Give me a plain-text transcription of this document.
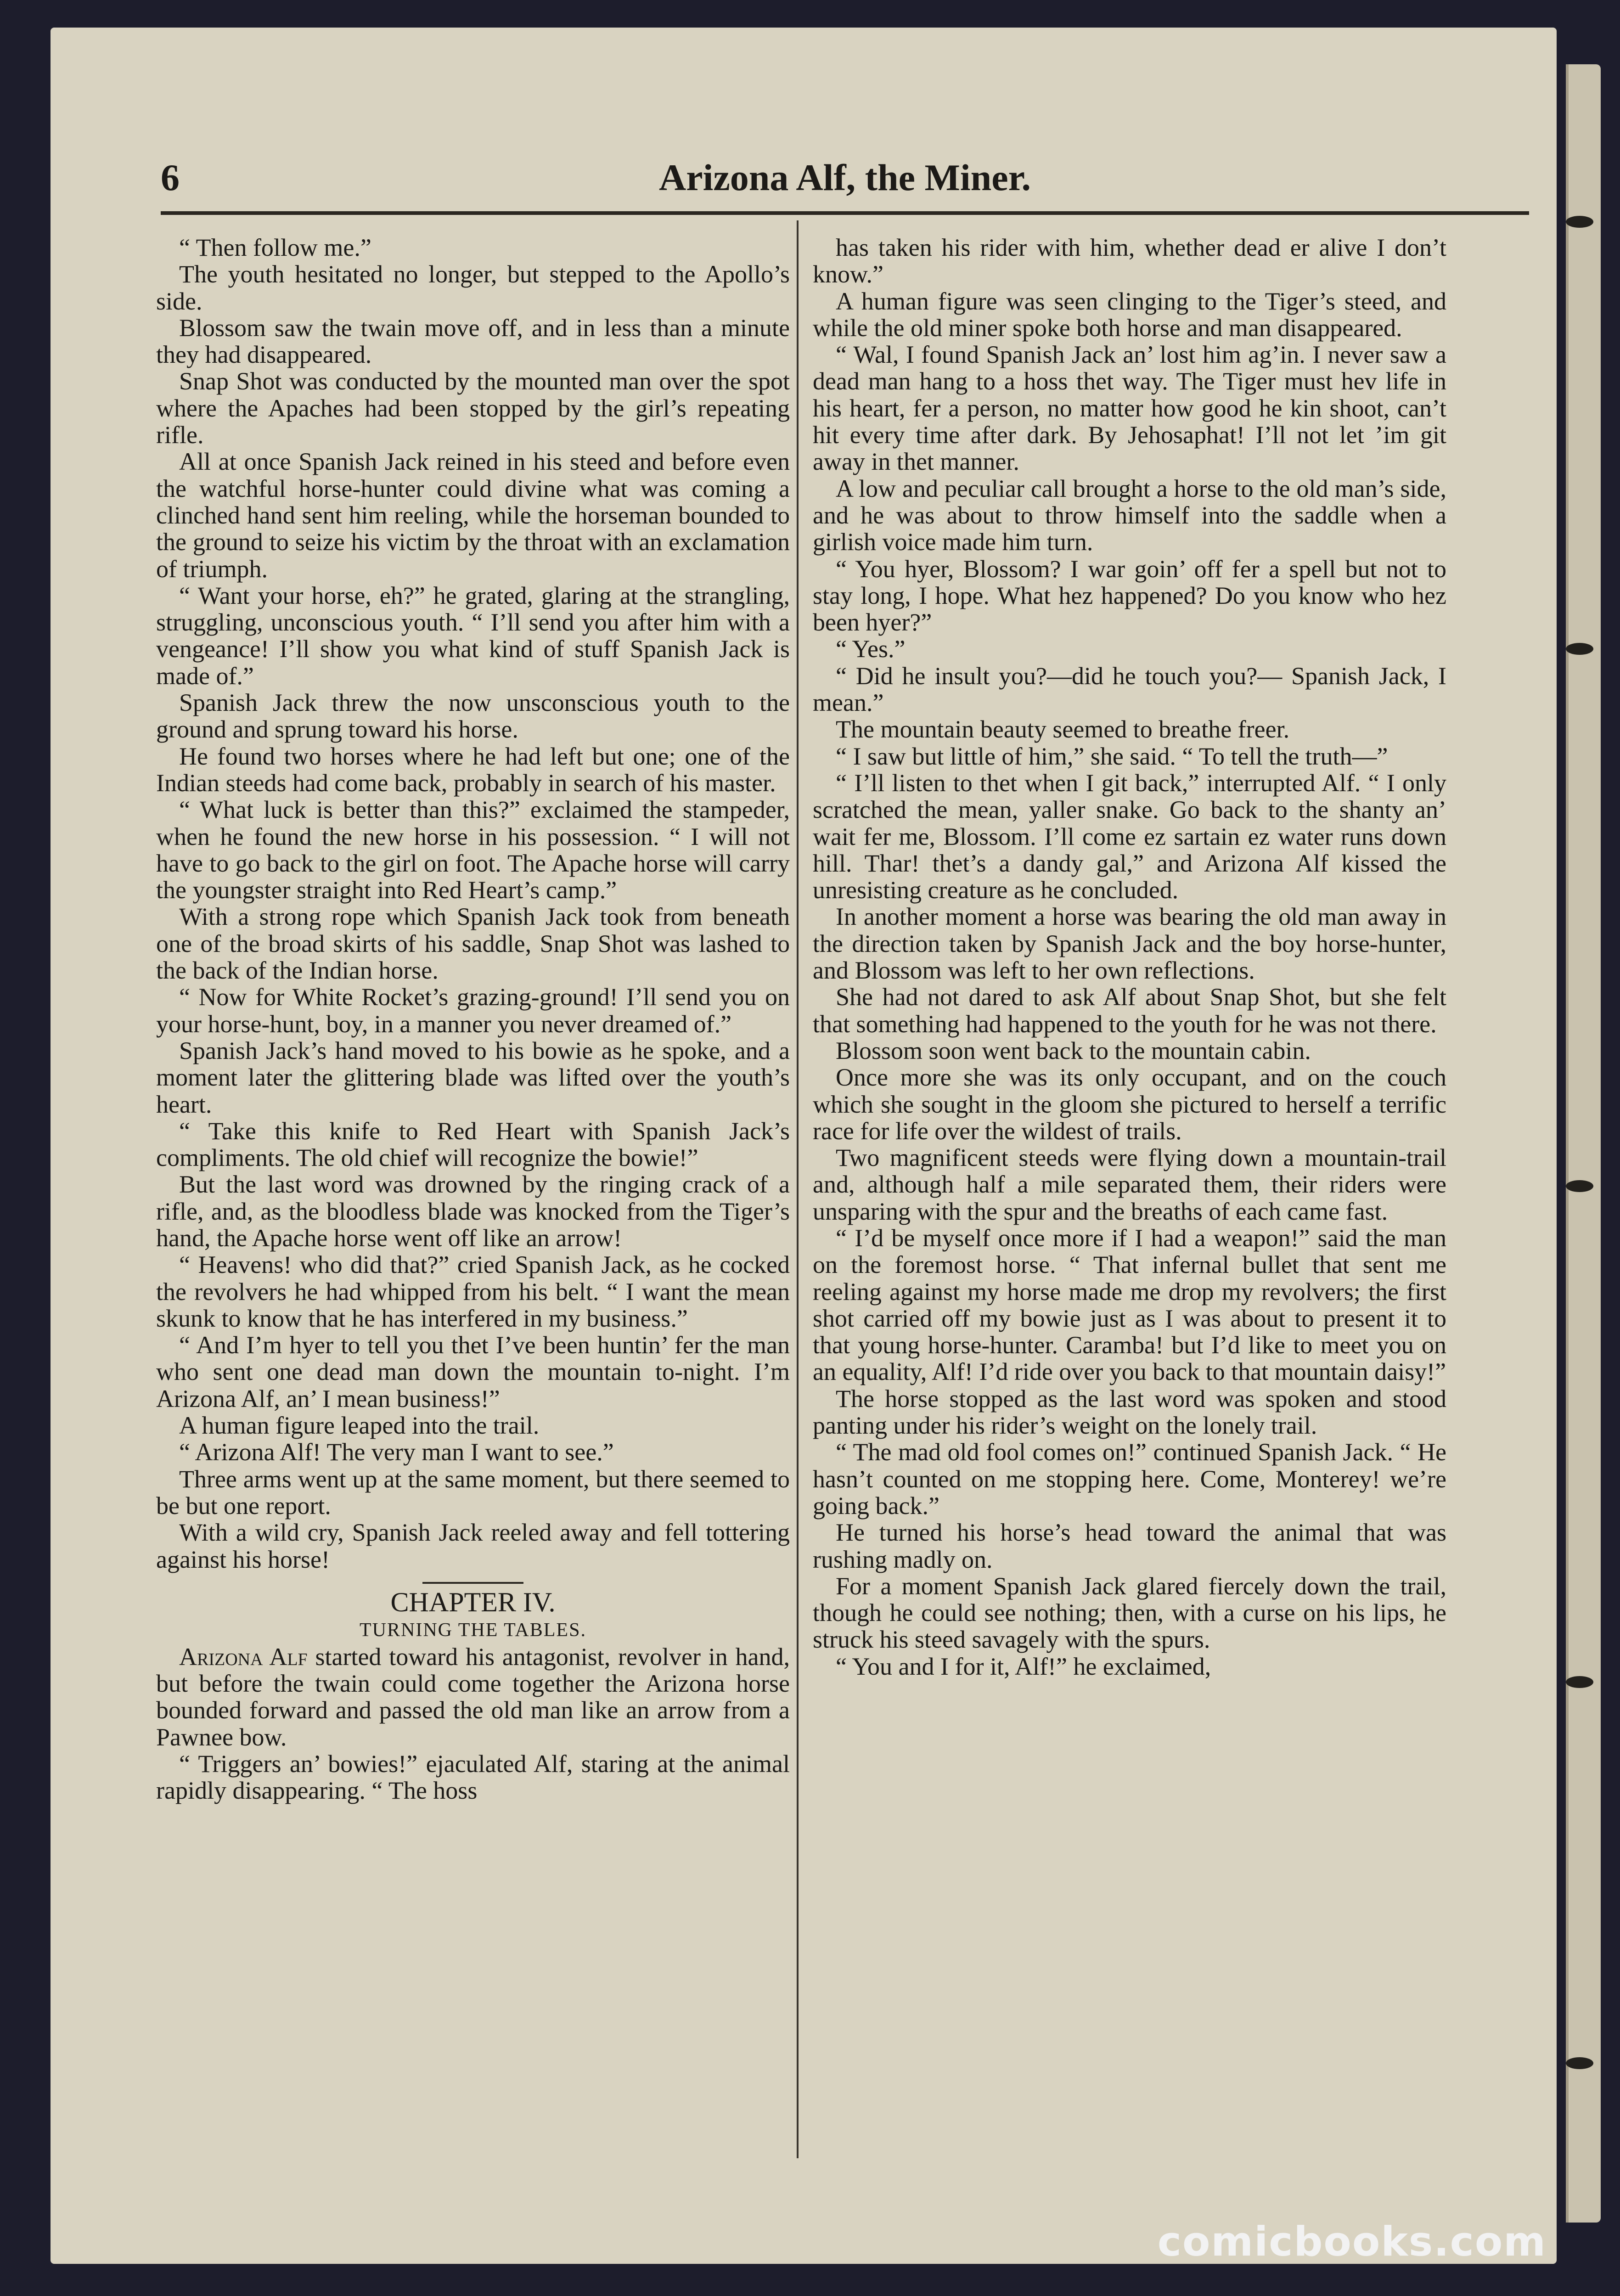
6	Arizona Alf, the Miner.

“ Then follow me.”

The youth hesitated no longer, but stepped to the Apollo’s side.

Blossom saw the twain move off, and in less than a minute they had disappeared.

Snap Shot was conducted by the mounted man over the spot where the Apaches had been stopped by the girl’s repeating rifle.

All at once Spanish Jack reined in his steed and before even the watchful horse-hunter could divine what was coming a clinched hand sent him reeling, while the horseman bounded to the ground to seize his victim by the throat with an exclamation of triumph.

“ Want your horse, eh?” he grated, glaring at the strangling, struggling, unconscious youth. “ I’ll send you after him with a vengeance! I’ll show you what kind of stuff Spanish Jack is made of.”

Spanish Jack threw the now unsconscious youth to the ground and sprung toward his horse.

He found two horses where he had left but one; one of the Indian steeds had come back, probably in search of his master.

“ What luck is better than this?” exclaimed the stampeder, when he found the new horse in his possession. “ I will not have to go back to the girl on foot. The Apache horse will carry the youngster straight into Red Heart’s camp.”

With a strong rope which Spanish Jack took from beneath one of the broad skirts of his saddle, Snap Shot was lashed to the back of the Indian horse.

“ Now for White Rocket’s grazing-ground! I’ll send you on your horse-hunt, boy, in a manner you never dreamed of.”

Spanish Jack’s hand moved to his bowie as he spoke, and a moment later the glittering blade was lifted over the youth’s heart.

“ Take this knife to Red Heart with Spanish Jack’s compliments. The old chief will recognize the bowie!”

But the last word was drowned by the ringing crack of a rifle, and, as the bloodless blade was knocked from the Tiger’s hand, the Apache horse went off like an arrow!

“ Heavens! who did that?” cried Spanish Jack, as he cocked the revolvers he had whipped from his belt. “ I want the mean skunk to know that he has interfered in my business.”

“ And I’m hyer to tell you thet I’ve been huntin’ fer the man who sent one dead man down the mountain to-night. I’m Arizona Alf, an’ I mean business!”

A human figure leaped into the trail.

“ Arizona Alf! The very man I want to see.”

Three arms went up at the same moment, but there seemed to be but one report.

With a wild cry, Spanish Jack reeled away and fell tottering against his horse!

CHAPTER IV.
TURNING THE TABLES.

Arizona Alf started toward his antagonist, revolver in hand, but before the twain could come together the Arizona horse bounded forward and passed the old man like an arrow from a Pawnee bow.

“ Triggers an’ bowies!” ejaculated Alf, staring at the animal rapidly disappearing. “ The hoss

has taken his rider with him, whether dead er alive I don’t know.”

A human figure was seen clinging to the Tiger’s steed, and while the old miner spoke both horse and man disappeared.

“ Wal, I found Spanish Jack an’ lost him ag’in. I never saw a dead man hang to a hoss thet way. The Tiger must hev life in his heart, fer a person, no matter how good he kin shoot, can’t hit every time after dark. By Jehosaphat! I’ll not let ’im git away in thet manner.

A low and peculiar call brought a horse to the old man’s side, and he was about to throw himself into the saddle when a girlish voice made him turn.

“ You hyer, Blossom? I war goin’ off fer a spell but not to stay long, I hope. What hez happened? Do you know who hez been hyer?”

“ Yes.”

“ Did he insult you?—did he touch you?— Spanish Jack, I mean.”

The mountain beauty seemed to breathe freer.

“ I saw but little of him,” she said. “ To tell the truth—”

“ I’ll listen to thet when I git back,” interrupted Alf. “ I only scratched the mean, yaller snake. Go back to the shanty an’ wait fer me, Blossom. I’ll come ez sartain ez water runs down hill. Thar! thet’s a dandy gal,” and Arizona Alf kissed the unresisting creature as he concluded.

In another moment a horse was bearing the old man away in the direction taken by Spanish Jack and the boy horse-hunter, and Blossom was left to her own reflections.

She had not dared to ask Alf about Snap Shot, but she felt that something had happened to the youth for he was not there.

Blossom soon went back to the mountain cabin.

Once more she was its only occupant, and on the couch which she sought in the gloom she pictured to herself a terrific race for life over the wildest of trails.

Two magnificent steeds were flying down a mountain-trail and, although half a mile separated them, their riders were unsparing with the spur and the breaths of each came fast.

“ I’d be myself once more if I had a weapon!” said the man on the foremost horse. “ That infernal bullet that sent me reeling against my horse made me drop my revolvers; the first shot carried off my bowie just as I was about to present it to that young horse-hunter. Caramba! but I’d like to meet you on an equality, Alf! I’d ride over you back to that mountain daisy!”

The horse stopped as the last word was spoken and stood panting under his rider’s weight on the lonely trail.

“ The mad old fool comes on!” continued Spanish Jack. “ He hasn’t counted on me stopping here. Come, Monterey! we’re going back.”

He turned his horse’s head toward the animal that was rushing madly on.

For a moment Spanish Jack glared fiercely down the trail, though he could see nothing; then, with a curse on his lips, he struck his steed savagely with the spurs.

“ You and I for it, Alf!” he exclaimed,

comicbooks.com
